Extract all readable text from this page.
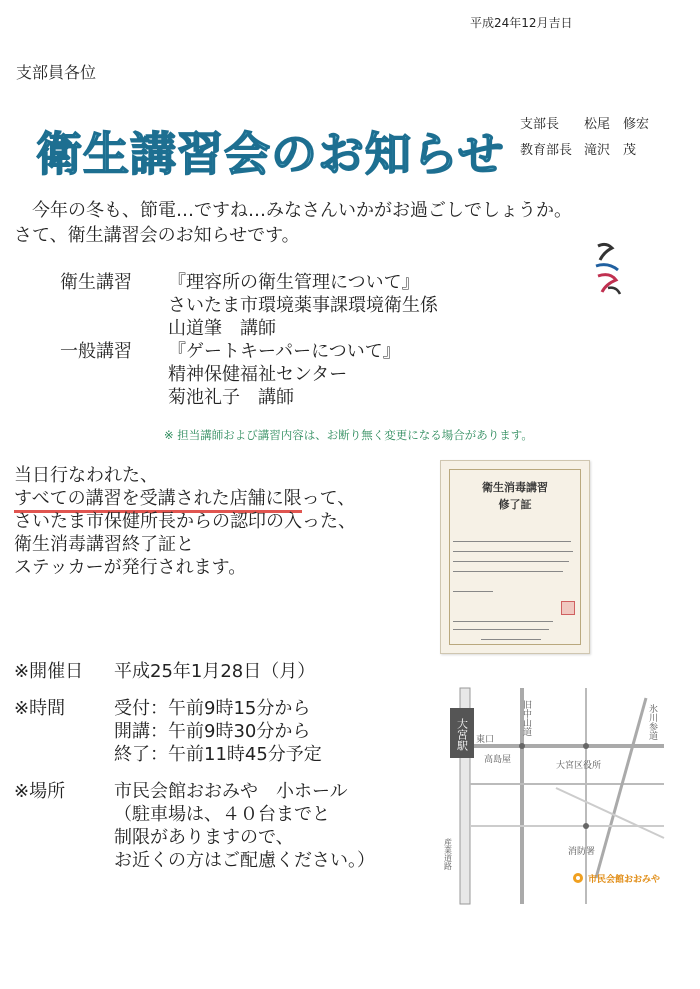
平成24年12月吉日
支部員各位
衛生講習会のお知らせ
支部長 松尾　修宏
教育部長 滝沢　茂
今年の冬も、節電…ですね…みなさんいかがお過ごしでしょうか。
さて、衛生講習会のお知らせです。
衛生講習 『理容所の衛生管理について』
さいたま市環境薬事課環境衛生係
山道肇　講師
一般講習 『ゲートキーパーについて』
精神保健福祉センター
菊池礼子　講師
※ 担当講師および講習内容は、お断り無く変更になる場合があります。
当日行なわれた、
すべての講習を受講された店舗に限って、
さいたま市保健所長からの認印の入った、
衛生消毒講習終了証と
ステッカーが発行されます。
衛生消毒講習
修了証
※開催日 平成25年1月28日（月）
※時間	受付：午前9時15分から
開講：午前9時30分から
終了：午前11時45分予定
※場所	市民会館おおみや　小ホール
（駐車場は、４０台までと
制限がありますので、
お近くの方はご配慮ください。）
大宮駅	旧中山道	氷川参道
東口
高島屋
大宮区役所
消防署
産業道路
市民会館おおみや
